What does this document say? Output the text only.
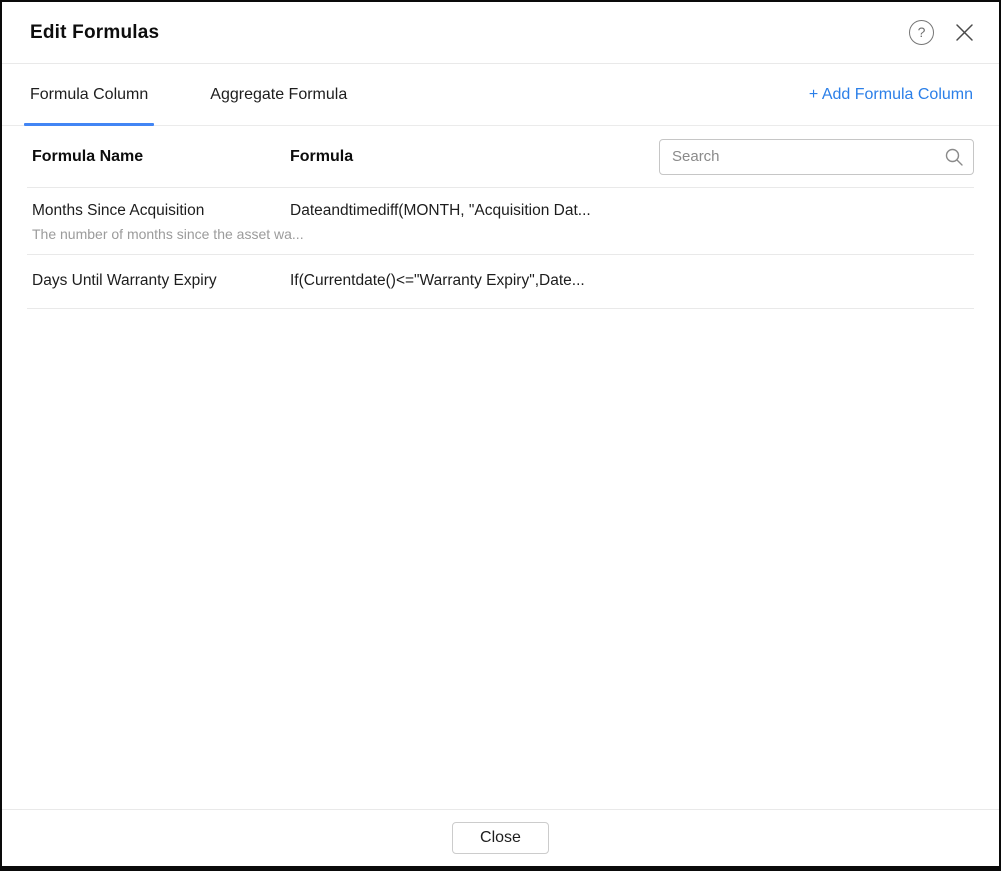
Edit Formulas	?
Formula Column	Aggregate Formula	+ Add Formula Column
Formula Name	Formula
Search
Months Since Acquisition	Dateandtimediff(MONTH, "Acquisition Dat...
The number of months since the asset wa...
Days Until Warranty Expiry	If(Currentdate()<="Warranty Expiry",Date...
Close
